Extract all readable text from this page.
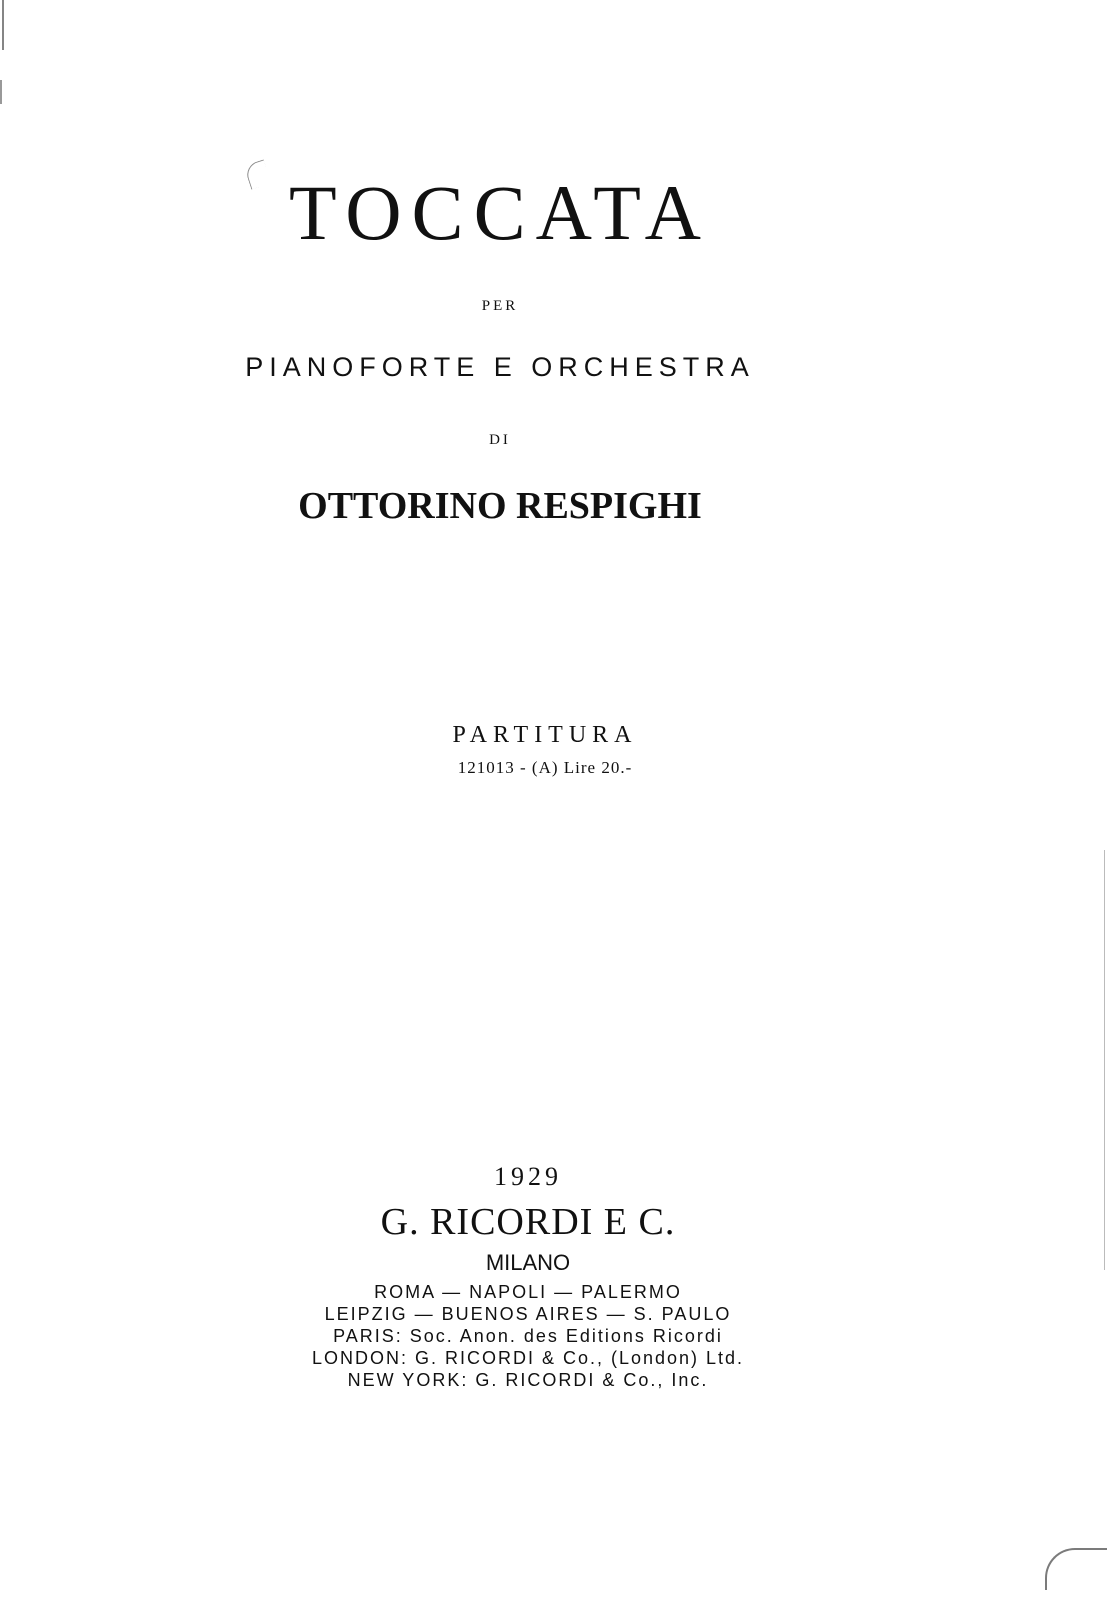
TOCCATA
PER
PIANOFORTE E ORCHESTRA
DI
OTTORINO RESPIGHI
PARTITURA
121013 - (A) Lire 20.-
1929
G. RICORDI E C.
MILANO
ROMA — NAPOLI — PALERMO
LEIPZIG — BUENOS AIRES — S. PAULO
PARIS: Soc. Anon. des Editions Ricordi
LONDON: G. RICORDI & Co., (London) Ltd.
NEW YORK: G. RICORDI & Co., Inc.
